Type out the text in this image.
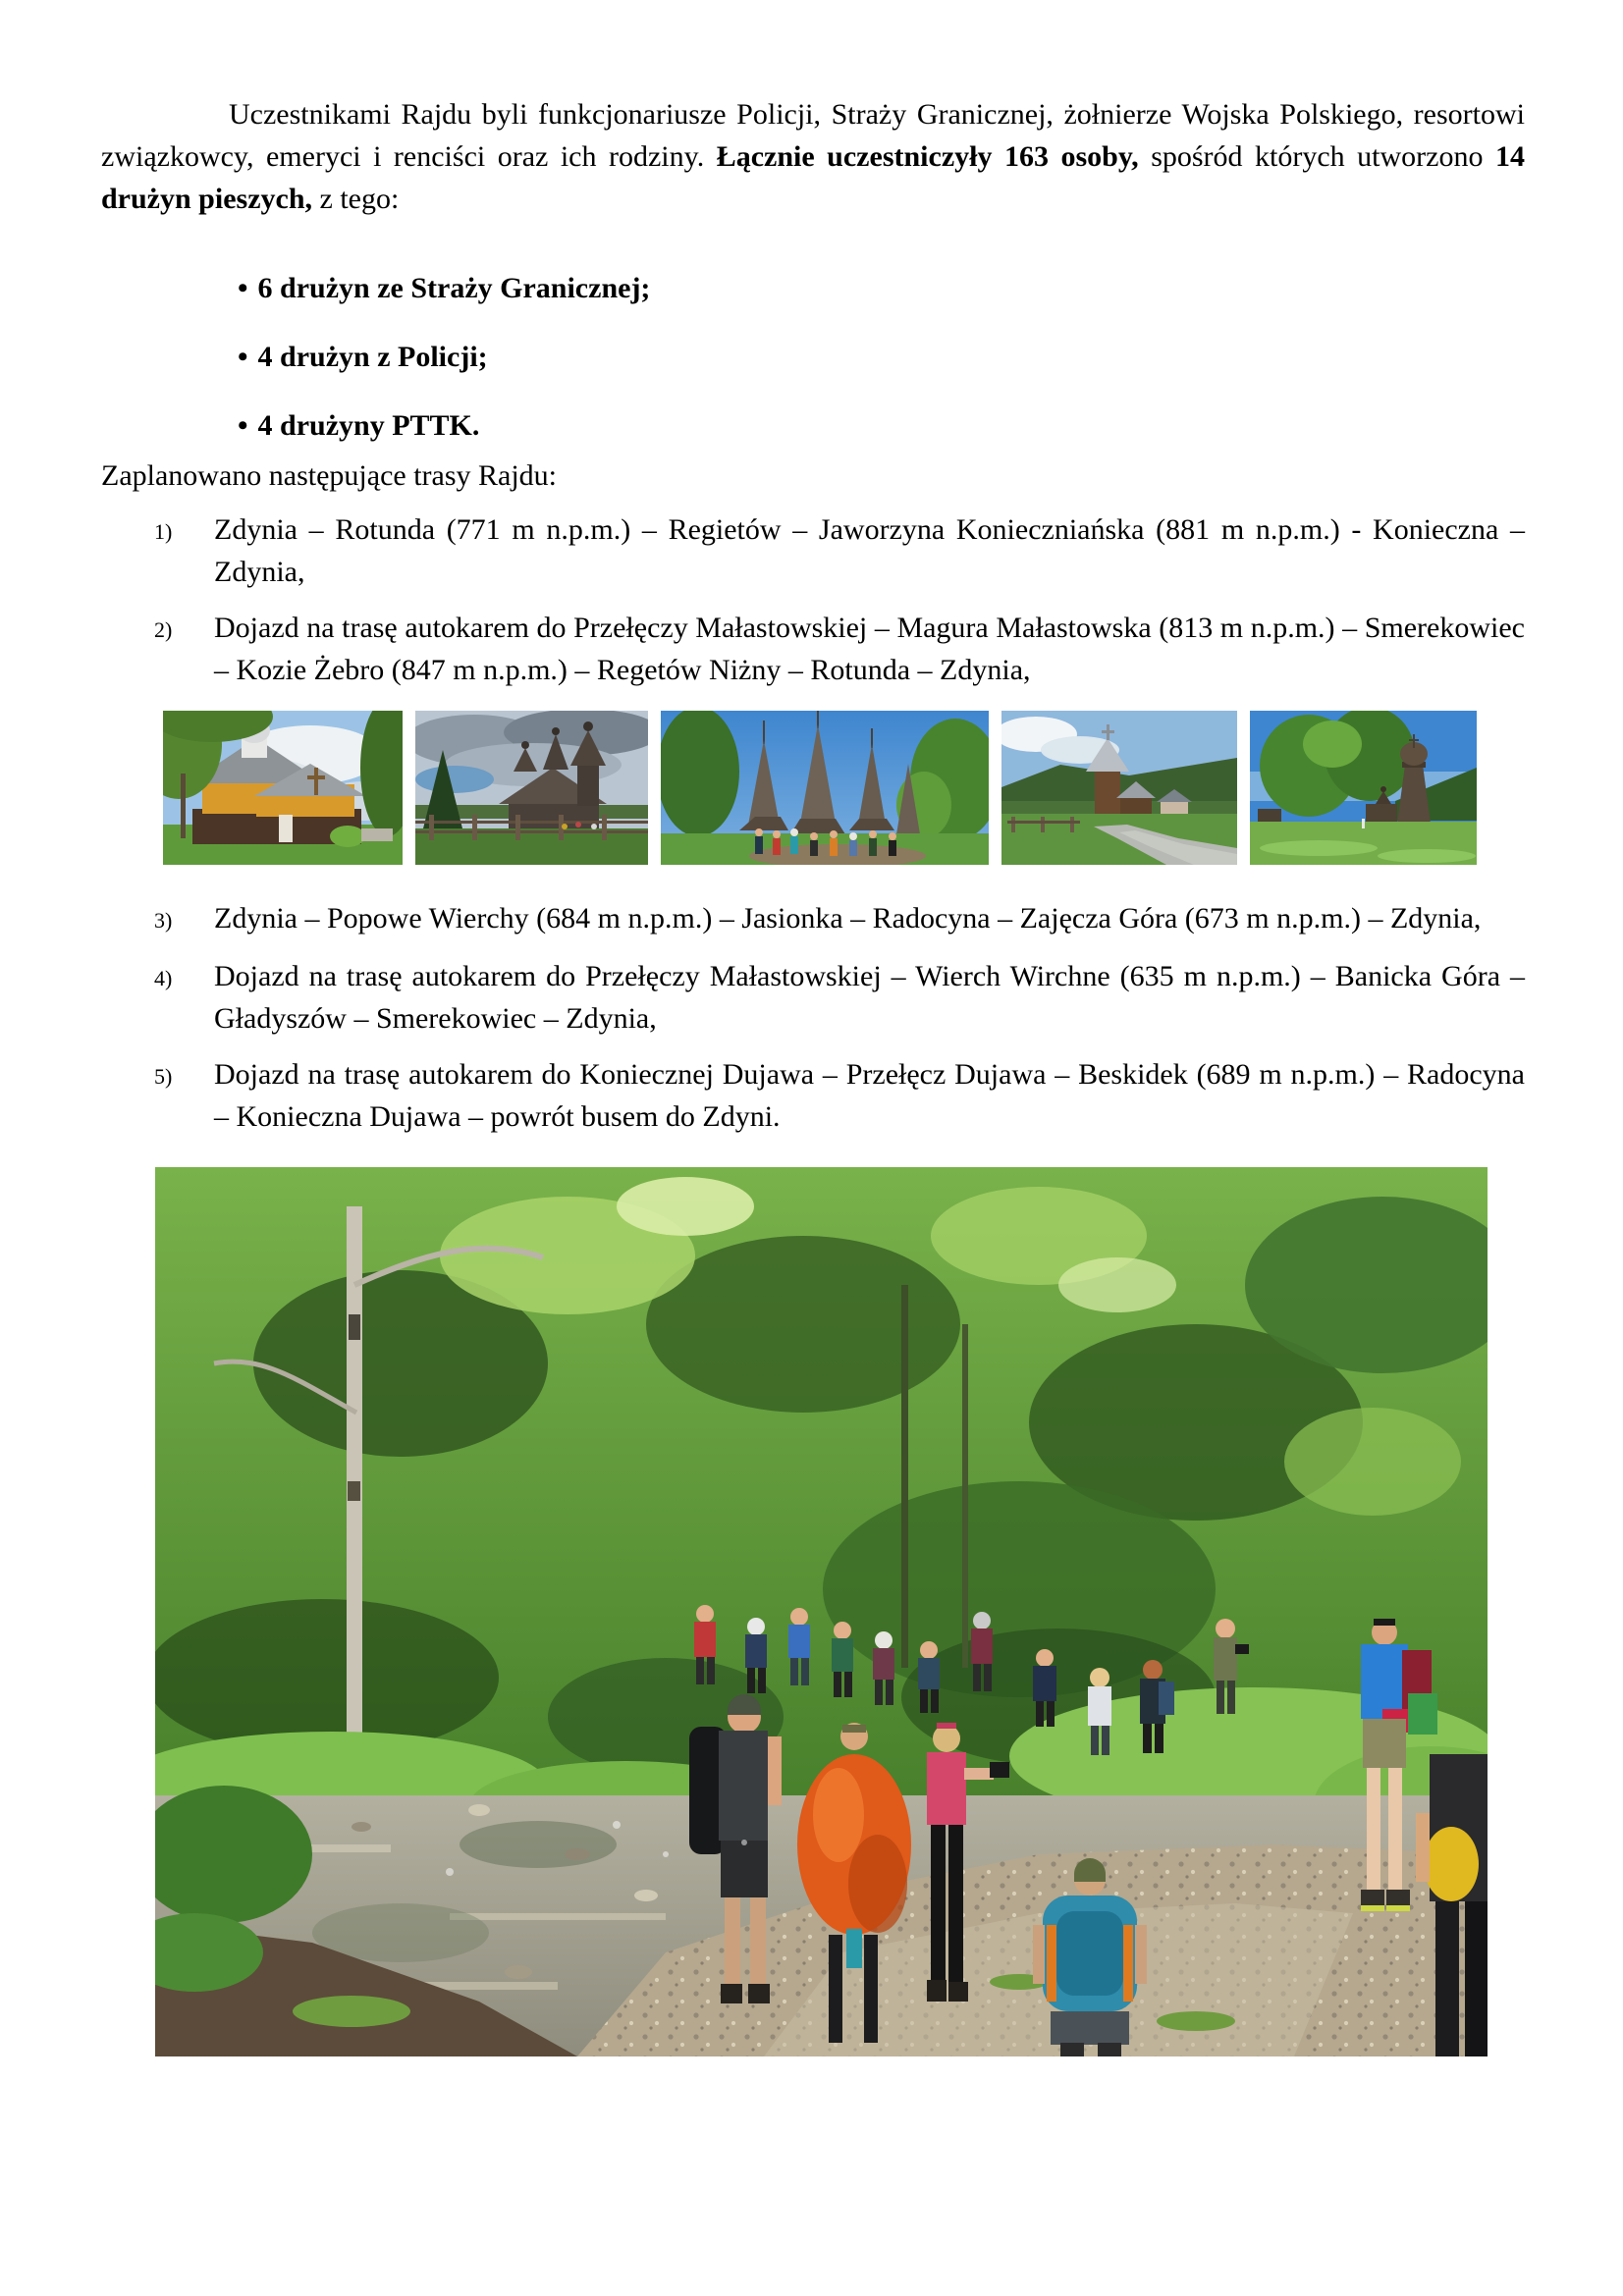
Uczestnikami Rajdu byli funkcjonariusze Policji, Straży Granicznej, żołnierze Wojska Polskiego, resortowi związkowcy, emeryci i renciści oraz ich rodziny. Łącznie uczestniczyły 163 osoby, spośród których utworzono 14 drużyn pieszych, z tego:

• 6 drużyn ze Straży Granicznej;
• 4 drużyn z Policji;
• 4 drużyny PTTK.

Zaplanowano następujące trasy Rajdu:

1)	Zdynia – Rotunda (771 m n.p.m.) – Regietów – Jaworzyna Konieczniańska (881 m n.p.m.) - Konieczna – Zdynia,
2)	Dojazd na trasę autokarem do Przełęczy Małastowskiej – Magura Małastowska (813 m n.p.m.) – Smerekowiec – Kozie Żebro (847 m n.p.m.) – Regetów Niżny – Rotunda – Zdynia,
3)	Zdynia – Popowe Wierchy (684 m n.p.m.) – Jasionka – Radocyna – Zajęcza Góra (673 m n.p.m.) – Zdynia,
4)	Dojazd na trasę autokarem do Przełęczy Małastowskiej – Wierch Wirchne (635 m n.p.m.) – Banicka Góra – Gładyszów – Smerekowiec – Zdynia,
5)	Dojazd na trasę autokarem do Koniecznej Dujawa – Przełęcz Dujawa – Beskidek (689 m n.p.m.) – Radocyna – Konieczna Dujawa – powrót busem do Zdyni.
